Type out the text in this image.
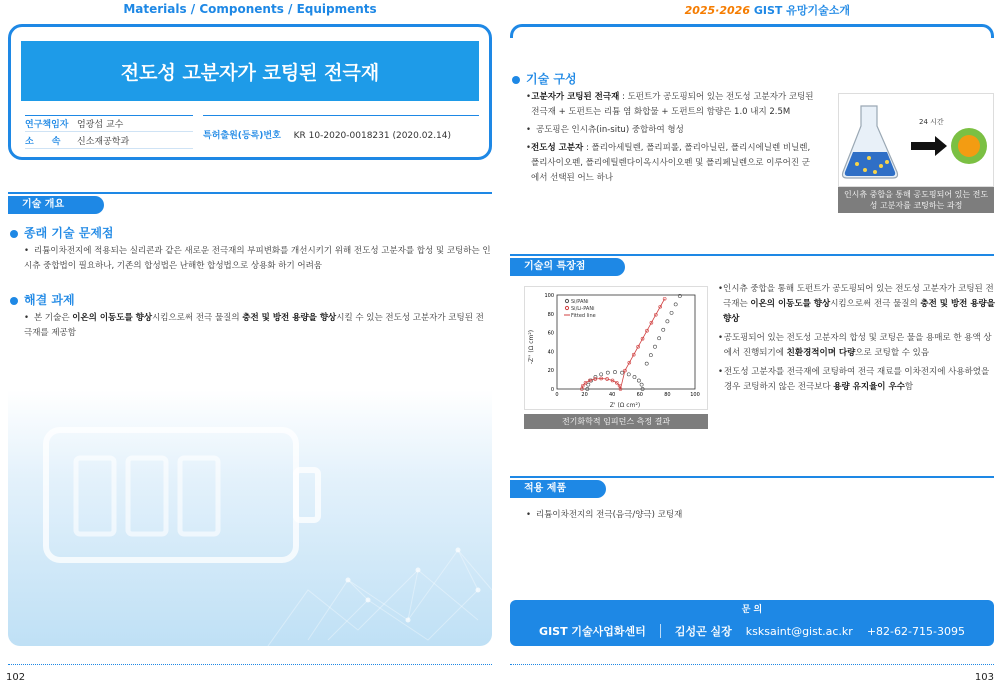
Materials / Components / Equipments
전도성 고분자가 코팅된 전극재
연구책임자 엄광섭 교수
소　　속	신소재공학과
특허출원(등록)번호 KR 10-2020-0018231 (2020.02.14)
기술 개요
종래 기술 문제점
• 리튬이차전지에 적용되는 실리콘과 같은 새로운 전극재의 부피변화를 개선시키기 위해 전도성 고분자를 합성 및 코팅하는 인시츄 중합법이 필요하나, 기존의 합성법은 난해한 합성법으로 상용화 하기 어려움
해결 과제
• 본 기술은 이온의 이동도를 향상시킴으로써 전극 물질의 충전 및 방전 용량을 향상시킬 수 있는 전도성 고분자가 코팅된 전극재를 제공함
102
2025·2026 GIST 유망기술소개
기술 구성
• 고분자가 코팅된 전극재 : 도펀트가 공도핑되어 있는 전도성 고분자가 코팅된 전극재 + 도펀트는 리튬 염 화합물 + 도펀트의 함량은 1.0 내지 2.5M
• 공도핑은 인시츄(in-situ) 중합하여 형성
• 전도성 고분자 : 폴리아세틸렌, 폴리피롤, 폴리아닐린, 폴리시에닐렌 비닐렌, 폴리사이오펜, 폴리에틸렌다이옥시사이오펜 및 폴리페닐렌으로 이루어진 군에서 선택된 어느 하나
24 시간
인시츄 중합을 통해 공도핑되어 있는 전도성 고분자를 코팅하는 과정
기술의 특장점
0	20	40	60	80	100
0
20
40
60
80
100
-Z'' (Ω cm²)
Z' (Ω cm²)
Si/PANi
Si/Li-PANi
Fitted line
전기화학적 임피던스 측정 결과
• 인시츄 중합을 통해 도펀트가 공도핑되어 있는 전도성 고분자가 코팅된 전극재는 이온의 이동도를 향상시킴으로써 전극 물질의 충전 및 방전 용량을 향상
• 공도핑되어 있는 전도성 고분자의 합성 및 코팅은 물을 용매로 한 용액 상에서 진행되기에 친환경적이며 다량으로 코팅할 수 있음
• 전도성 고분자를 전극재에 코팅하여 전극 재료를 이차전지에 사용하였을 경우 코팅하지 않은 전극보다 용량 유지율이 우수함
적용 제품
• 리튬이차전지의 전극(음극/양극) 코팅재
문 의
GIST 기술사업화센터	김성곤 실장 ksksaint@gist.ac.kr +82-62-715-3095
103
